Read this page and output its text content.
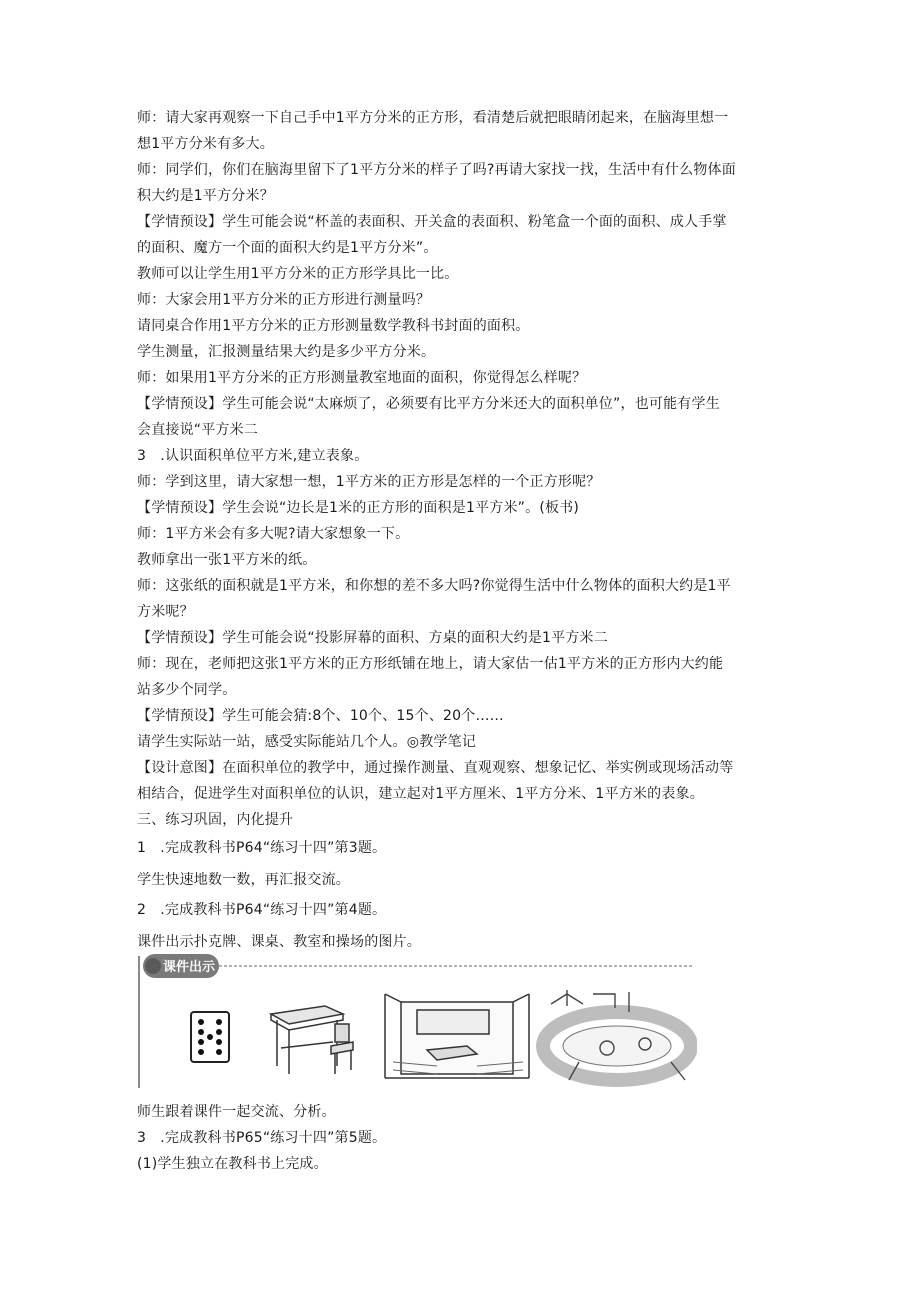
师：请大家再观察一下自己手中1平方分米的正方形，看清楚后就把眼睛闭起来，在脑海里想一
想1平方分米有多大。
师：同学们，你们在脑海里留下了1平方分米的样子了吗?再请大家找一找，生活中有什么物体面
积大约是1平方分米？
【学情预设】学生可能会说“杯盖的表面积、开关盒的表面积、粉笔盒一个面的面积、成人手掌
的面积、魔方一个面的面积大约是1平方分米”。
教师可以让学生用1平方分米的正方形学具比一比。
师：大家会用1平方分米的正方形进行测量吗？
请同桌合作用1平方分米的正方形测量数学教科书封面的面积。
学生测量，汇报测量结果大约是多少平方分米。
师：如果用1平方分米的正方形测量教室地面的面积，你觉得怎么样呢？
【学情预设】学生可能会说“太麻烦了，必须要有比平方分米还大的面积单位”，也可能有学生
会直接说“平方米二
3　.认识面积单位平方米,建立表象。
师：学到这里，请大家想一想，1平方米的正方形是怎样的一个正方形呢？
【学情预设】学生会说“边长是1米的正方形的面积是1平方米”。(板书)
师：1平方米会有多大呢?请大家想象一下。
教师拿出一张1平方米的纸。
师：这张纸的面积就是1平方米，和你想的差不多大吗?你觉得生活中什么物体的面积大约是1平
方米呢？
【学情预设】学生可能会说“投影屏幕的面积、方桌的面积大约是1平方米二
师：现在，老师把这张1平方米的正方形纸铺在地上，请大家估一估1平方米的正方形内大约能
站多少个同学。
【学情预设】学生可能会猜:8个、10个、15个、20个……
请学生实际站一站，感受实际能站几个人。◎教学笔记
【设计意图】在面积单位的教学中，通过操作测量、直观观察、想象记忆、举实例或现场活动等
相结合，促进学生对面积单位的认识，建立起对1平方厘米、1平方分米、1平方米的表象。
三、练习巩固，内化提升
1　.完成教科书P64“练习十四”第3题。
学生快速地数一数，再汇报交流。
2　.完成教科书P64“练习十四”第4题。
课件出示扑克牌、课桌、教室和操场的图片。
课件出示
师生跟着课件一起交流、分析。
3　.完成教科书P65“练习十四”第5题。
(1)学生独立在教科书上完成。
